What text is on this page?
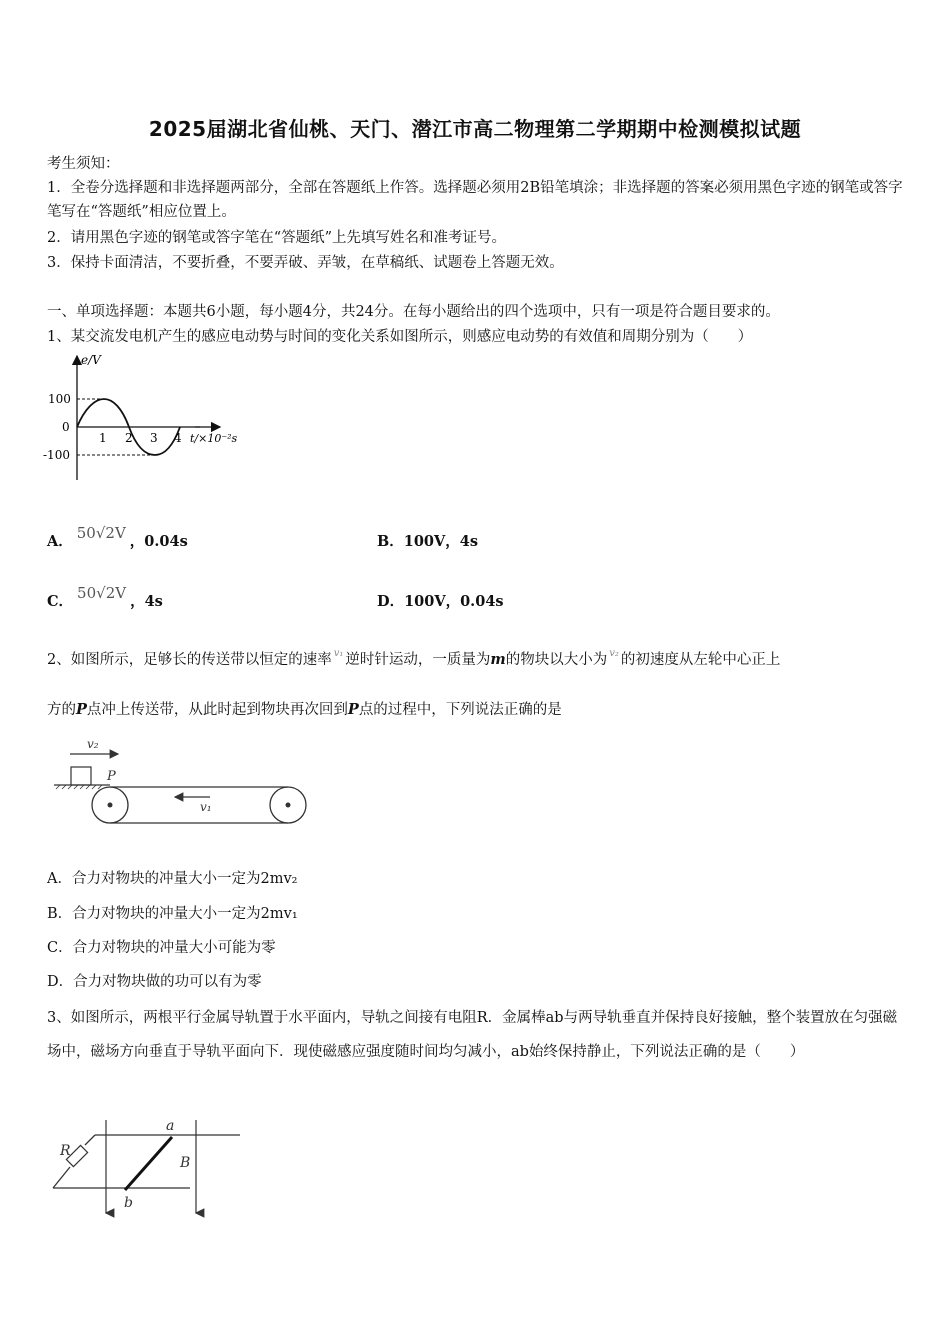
2025届湖北省仙桃、天门、潜江市高二物理第二学期期中检测模拟试题
考生须知：
1．全卷分选择题和非选择题两部分，全部在答题纸上作答。选择题必须用2B铅笔填涂；非选择题的答案必须用黑色字迹的钢笔或答字笔写在“答题纸”相应位置上。
2．请用黑色字迹的钢笔或答字笔在“答题纸”上先填写姓名和准考证号。
3．保持卡面清洁，不要折叠，不要弄破、弄皱，在草稿纸、试题卷上答题无效。
一、单项选择题：本题共6小题，每小题4分，共24分。在每小题给出的四个选项中，只有一项是符合题目要求的。
1、某交流发电机产生的感应电动势与时间的变化关系如图所示，则感应电动势的有效值和周期分别为（　　）
e/V
100
0
-100
1 2 3 4 t/×10⁻²s
A． 50√2V ，0.04s	B．100V，4s
C． 50√2V ，4s	D．100V，0.04s
2、如图所示，足够长的传送带以恒定的速率 $^{v_1}$ 逆时针运动，一质量为m的物块以大小为 $^{v_2}$ 的初速度从左轮中心正上
方的P点冲上传送带，从此时起到物块再次回到P点的过程中，下列说法正确的是
v₂
P
v₁
A．合力对物块的冲量大小一定为2mv₂
B．合力对物块的冲量大小一定为2mv₁
C．合力对物块的冲量大小可能为零
D．合力对物块做的功可以有为零
3、如图所示，两根平行金属导轨置于水平面内，导轨之间接有电阻R．金属棒ab与两导轨垂直并保持良好接触，整个装置放在匀强磁场中，磁场方向垂直于导轨平面向下．现使磁感应强度随时间均匀减小，ab始终保持静止，下列说法正确的是（　　）
R
a
b
B
